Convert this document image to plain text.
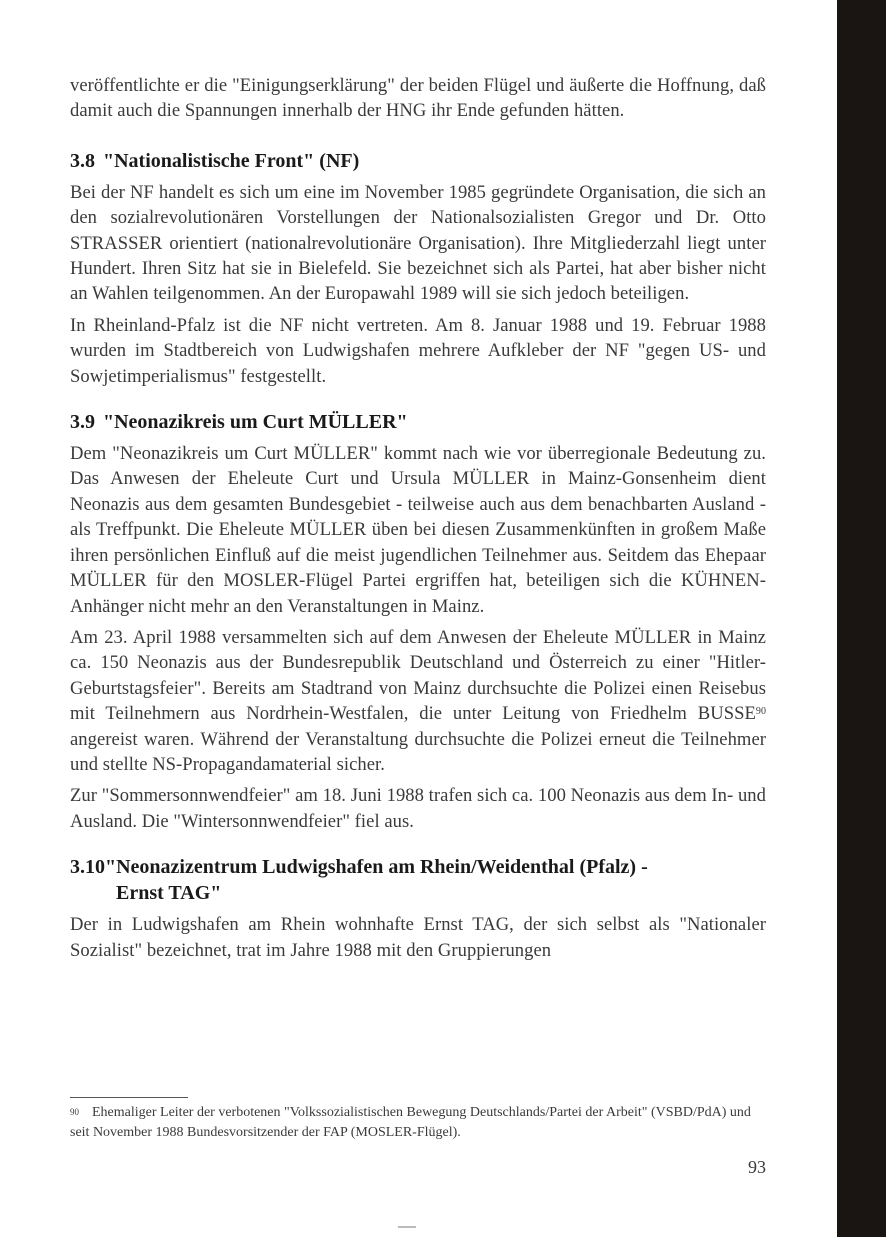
veröffentlichte er die "Einigungserklärung" der beiden Flügel und äußerte die Hoffnung, daß damit auch die Spannungen innerhalb der HNG ihr Ende gefunden hätten.

3.8 "Nationalistische Front" (NF)

Bei der NF handelt es sich um eine im November 1985 gegründete Organisation, die sich an den sozialrevolutionären Vorstellungen der Nationalsozialisten Gregor und Dr. Otto STRASSER orientiert (nationalrevolutionäre Organisation). Ihre Mitgliederzahl liegt unter Hundert. Ihren Sitz hat sie in Bielefeld. Sie bezeichnet sich als Partei, hat aber bisher nicht an Wahlen teilgenommen. An der Europawahl 1989 will sie sich jedoch beteiligen.

In Rheinland-Pfalz ist die NF nicht vertreten. Am 8. Januar 1988 und 19. Februar 1988 wurden im Stadtbereich von Ludwigshafen mehrere Aufkleber der NF "gegen US- und Sowjetimperialismus" festgestellt.

3.9 "Neonazikreis um Curt MÜLLER"

Dem "Neonazikreis um Curt MÜLLER" kommt nach wie vor überregionale Bedeutung zu. Das Anwesen der Eheleute Curt und Ursula MÜLLER in Mainz-Gonsenheim dient Neonazis aus dem gesamten Bundesgebiet - teilweise auch aus dem benachbarten Ausland - als Treffpunkt. Die Eheleute MÜLLER üben bei diesen Zusammenkünften in großem Maße ihren persönlichen Einfluß auf die meist jugendlichen Teilnehmer aus. Seitdem das Ehepaar MÜLLER für den MOSLER-Flügel Partei ergriffen hat, beteiligen sich die KÜHNEN-Anhänger nicht mehr an den Veranstaltungen in Mainz.

Am 23. April 1988 versammelten sich auf dem Anwesen der Eheleute MÜLLER in Mainz ca. 150 Neonazis aus der Bundesrepublik Deutschland und Österreich zu einer "Hitler-Geburtstagsfeier". Bereits am Stadtrand von Mainz durchsuchte die Polizei einen Reisebus mit Teilnehmern aus Nordrhein-Westfalen, die unter Leitung von Friedhelm BUSSE$^{90}$ angereist waren. Während der Veranstaltung durchsuchte die Polizei erneut die Teilnehmer und stellte NS-Propagandamaterial sicher.

Zur "Sommersonnwendfeier" am 18. Juni 1988 trafen sich ca. 100 Neonazis aus dem In- und Ausland. Die "Wintersonnwendfeier" fiel aus.

3.10"Neonazizentrum Ludwigshafen am Rhein/Weidenthal (Pfalz) -
Ernst TAG"

Der in Ludwigshafen am Rhein wohnhafte Ernst TAG, der sich selbst als "Nationaler Sozialist" bezeichnet, trat im Jahre 1988 mit den Gruppierungen

90 Ehemaliger Leiter der verbotenen "Volkssozialistischen Bewegung Deutschlands/Partei der Arbeit" (VSBD/PdA) und seit November 1988 Bundesvorsitzender der FAP (MOSLER-Flügel).
93
